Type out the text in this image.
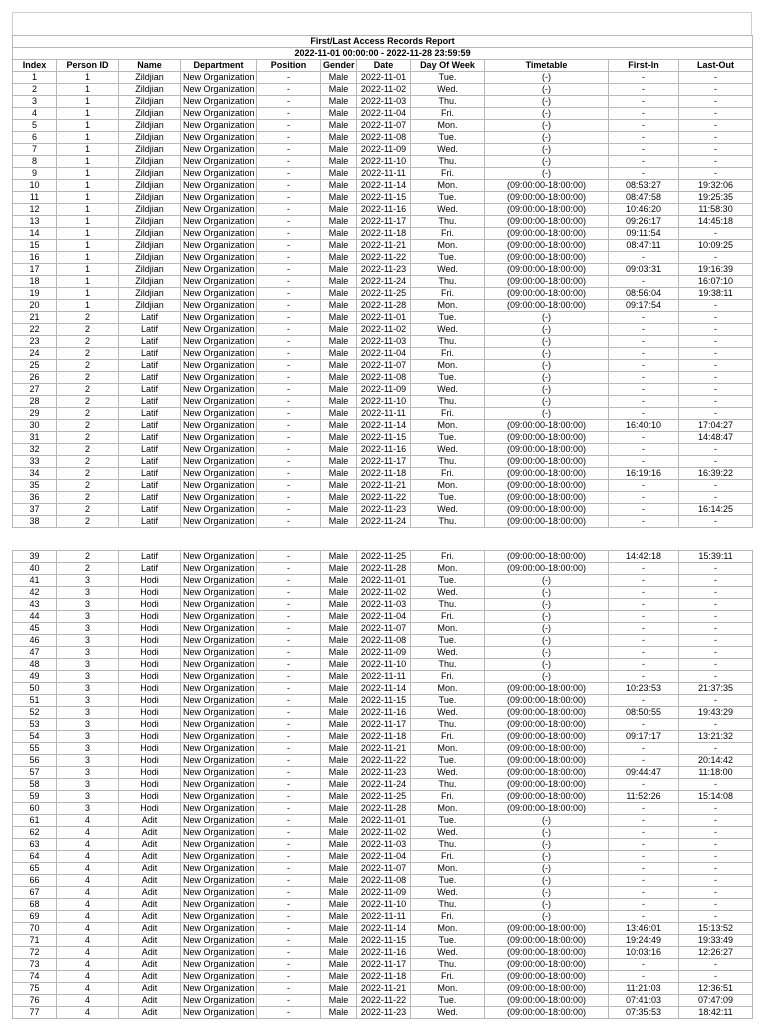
First/Last Access Records Report										
2022-11-01 00:00:00 - 2022-11-28 23:59:59										
Index	Person ID	Name	Department	Position	Gender	Date	Day Of Week	Timetable	First-In	Last-Out
1	1	Zildjian	New Organization	-	Male	2022-11-01	Tue.	(-)	-	-
2	1	Zildjian	New Organization	-	Male	2022-11-02	Wed.	(-)	-	-
3	1	Zildjian	New Organization	-	Male	2022-11-03	Thu.	(-)	-	-
4	1	Zildjian	New Organization	-	Male	2022-11-04	Fri.	(-)	-	-
5	1	Zildjian	New Organization	-	Male	2022-11-07	Mon.	(-)	-	-
6	1	Zildjian	New Organization	-	Male	2022-11-08	Tue.	(-)	-	-
7	1	Zildjian	New Organization	-	Male	2022-11-09	Wed.	(-)	-	-
8	1	Zildjian	New Organization	-	Male	2022-11-10	Thu.	(-)	-	-
9	1	Zildjian	New Organization	-	Male	2022-11-11	Fri.	(-)	-	-
10	1	Zildjian	New Organization	-	Male	2022-11-14	Mon.	(09:00:00-18:00:00)	08:53:27	19:32:06
11	1	Zildjian	New Organization	-	Male	2022-11-15	Tue.	(09:00:00-18:00:00)	08:47:58	19:25:35
12	1	Zildjian	New Organization	-	Male	2022-11-16	Wed.	(09:00:00-18:00:00)	10:46:20	11:58:30
13	1	Zildjian	New Organization	-	Male	2022-11-17	Thu.	(09:00:00-18:00:00)	09:26:17	14:45:18
14	1	Zildjian	New Organization	-	Male	2022-11-18	Fri.	(09:00:00-18:00:00)	09:11:54	-
15	1	Zildjian	New Organization	-	Male	2022-11-21	Mon.	(09:00:00-18:00:00)	08:47:11	10:09:25
16	1	Zildjian	New Organization	-	Male	2022-11-22	Tue.	(09:00:00-18:00:00)	-	-
17	1	Zildjian	New Organization	-	Male	2022-11-23	Wed.	(09:00:00-18:00:00)	09:03:31	19:16:39
18	1	Zildjian	New Organization	-	Male	2022-11-24	Thu.	(09:00:00-18:00:00)	-	16:07:10
19	1	Zildjian	New Organization	-	Male	2022-11-25	Fri.	(09:00:00-18:00:00)	08:56:04	19:38:11
20	1	Zildjian	New Organization	-	Male	2022-11-28	Mon.	(09:00:00-18:00:00)	09:17:54	-
21	2	Latif	New Organization	-	Male	2022-11-01	Tue.	(-)	-	-
22	2	Latif	New Organization	-	Male	2022-11-02	Wed.	(-)	-	-
23	2	Latif	New Organization	-	Male	2022-11-03	Thu.	(-)	-	-
24	2	Latif	New Organization	-	Male	2022-11-04	Fri.	(-)	-	-
25	2	Latif	New Organization	-	Male	2022-11-07	Mon.	(-)	-	-
26	2	Latif	New Organization	-	Male	2022-11-08	Tue.	(-)	-	-
27	2	Latif	New Organization	-	Male	2022-11-09	Wed.	(-)	-	-
28	2	Latif	New Organization	-	Male	2022-11-10	Thu.	(-)	-	-
29	2	Latif	New Organization	-	Male	2022-11-11	Fri.	(-)	-	-
30	2	Latif	New Organization	-	Male	2022-11-14	Mon.	(09:00:00-18:00:00)	16:40:10	17:04:27
31	2	Latif	New Organization	-	Male	2022-11-15	Tue.	(09:00:00-18:00:00)	-	14:48:47
32	2	Latif	New Organization	-	Male	2022-11-16	Wed.	(09:00:00-18:00:00)	-	-
33	2	Latif	New Organization	-	Male	2022-11-17	Thu.	(09:00:00-18:00:00)	-	-
34	2	Latif	New Organization	-	Male	2022-11-18	Fri.	(09:00:00-18:00:00)	16:19:16	16:39:22
35	2	Latif	New Organization	-	Male	2022-11-21	Mon.	(09:00:00-18:00:00)	-	-
36	2	Latif	New Organization	-	Male	2022-11-22	Tue.	(09:00:00-18:00:00)	-	-
37	2	Latif	New Organization	-	Male	2022-11-23	Wed.	(09:00:00-18:00:00)	-	16:14:25
38	2	Latif	New Organization	-	Male	2022-11-24	Thu.	(09:00:00-18:00:00)	-	-
39	2	Latif	New Organization	-	Male	2022-11-25	Fri.	(09:00:00-18:00:00)	14:42:18	15:39:11
40	2	Latif	New Organization	-	Male	2022-11-28	Mon.	(09:00:00-18:00:00)	-	-
41	3	Hodi	New Organization	-	Male	2022-11-01	Tue.	(-)	-	-
42	3	Hodi	New Organization	-	Male	2022-11-02	Wed.	(-)	-	-
43	3	Hodi	New Organization	-	Male	2022-11-03	Thu.	(-)	-	-
44	3	Hodi	New Organization	-	Male	2022-11-04	Fri.	(-)	-	-
45	3	Hodi	New Organization	-	Male	2022-11-07	Mon.	(-)	-	-
46	3	Hodi	New Organization	-	Male	2022-11-08	Tue.	(-)	-	-
47	3	Hodi	New Organization	-	Male	2022-11-09	Wed.	(-)	-	-
48	3	Hodi	New Organization	-	Male	2022-11-10	Thu.	(-)	-	-
49	3	Hodi	New Organization	-	Male	2022-11-11	Fri.	(-)	-	-
50	3	Hodi	New Organization	-	Male	2022-11-14	Mon.	(09:00:00-18:00:00)	10:23:53	21:37:35
51	3	Hodi	New Organization	-	Male	2022-11-15	Tue.	(09:00:00-18:00:00)	-	-
52	3	Hodi	New Organization	-	Male	2022-11-16	Wed.	(09:00:00-18:00:00)	08:50:55	19:43:29
53	3	Hodi	New Organization	-	Male	2022-11-17	Thu.	(09:00:00-18:00:00)	-	-
54	3	Hodi	New Organization	-	Male	2022-11-18	Fri.	(09:00:00-18:00:00)	09:17:17	13:21:32
55	3	Hodi	New Organization	-	Male	2022-11-21	Mon.	(09:00:00-18:00:00)	-	-
56	3	Hodi	New Organization	-	Male	2022-11-22	Tue.	(09:00:00-18:00:00)	-	20:14:42
57	3	Hodi	New Organization	-	Male	2022-11-23	Wed.	(09:00:00-18:00:00)	09:44:47	11:18:00
58	3	Hodi	New Organization	-	Male	2022-11-24	Thu.	(09:00:00-18:00:00)	-	-
59	3	Hodi	New Organization	-	Male	2022-11-25	Fri.	(09:00:00-18:00:00)	11:52:26	15:14:08
60	3	Hodi	New Organization	-	Male	2022-11-28	Mon.	(09:00:00-18:00:00)	-	-
61	4	Adit	New Organization	-	Male	2022-11-01	Tue.	(-)	-	-
62	4	Adit	New Organization	-	Male	2022-11-02	Wed.	(-)	-	-
63	4	Adit	New Organization	-	Male	2022-11-03	Thu.	(-)	-	-
64	4	Adit	New Organization	-	Male	2022-11-04	Fri.	(-)	-	-
65	4	Adit	New Organization	-	Male	2022-11-07	Mon.	(-)	-	-
66	4	Adit	New Organization	-	Male	2022-11-08	Tue.	(-)	-	-
67	4	Adit	New Organization	-	Male	2022-11-09	Wed.	(-)	-	-
68	4	Adit	New Organization	-	Male	2022-11-10	Thu.	(-)	-	-
69	4	Adit	New Organization	-	Male	2022-11-11	Fri.	(-)	-	-
70	4	Adit	New Organization	-	Male	2022-11-14	Mon.	(09:00:00-18:00:00)	13:46:01	15:13:52
71	4	Adit	New Organization	-	Male	2022-11-15	Tue.	(09:00:00-18:00:00)	19:24:49	19:33:49
72	4	Adit	New Organization	-	Male	2022-11-16	Wed.	(09:00:00-18:00:00)	10:03:16	12:26:27
73	4	Adit	New Organization	-	Male	2022-11-17	Thu.	(09:00:00-18:00:00)	-	-
74	4	Adit	New Organization	-	Male	2022-11-18	Fri.	(09:00:00-18:00:00)	-	-
75	4	Adit	New Organization	-	Male	2022-11-21	Mon.	(09:00:00-18:00:00)	11:21:03	12:36:51
76	4	Adit	New Organization	-	Male	2022-11-22	Tue.	(09:00:00-18:00:00)	07:41:03	07:47:09
77	4	Adit	New Organization	-	Male	2022-11-23	Wed.	(09:00:00-18:00:00)	07:35:53	18:42:11
